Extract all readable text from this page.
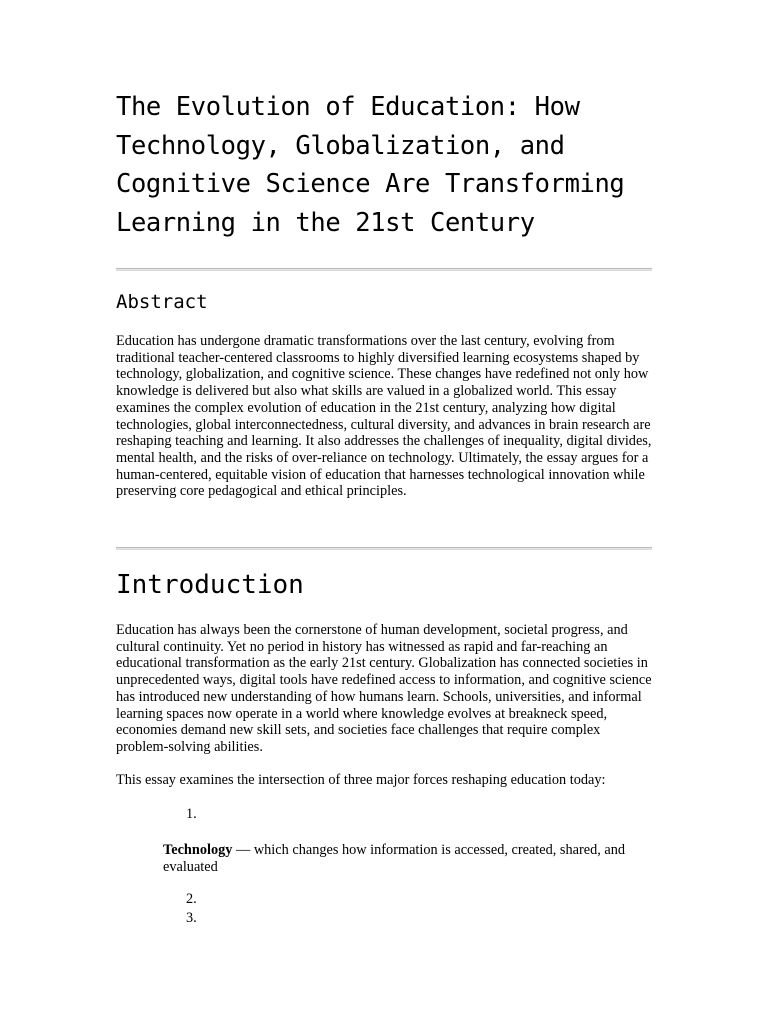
The Evolution of Education: How Technology, Globalization, and Cognitive Science Are Transforming Learning in the 21st Century
Abstract

Education has undergone dramatic transformations over the last century, evolving from traditional teacher-centered classrooms to highly diversified learning ecosystems shaped by technology, globalization, and cognitive science. These changes have redefined not only how knowledge is delivered but also what skills are valued in a globalized world. This essay examines the complex evolution of education in the 21st century, analyzing how digital technologies, global interconnectedness, cultural diversity, and advances in brain research are reshaping teaching and learning. It also addresses the challenges of inequality, digital divides, mental health, and the risks of over-reliance on technology. Ultimately, the essay argues for a human-centered, equitable vision of education that harnesses technological innovation while preserving core pedagogical and ethical principles.

Introduction

Education has always been the cornerstone of human development, societal progress, and cultural continuity. Yet no period in history has witnessed as rapid and far-reaching an educational transformation as the early 21st century. Globalization has connected societies in unprecedented ways, digital tools have redefined access to information, and cognitive science has introduced new understanding of how humans learn. Schools, universities, and informal learning spaces now operate in a world where knowledge evolves at breakneck speed, economies demand new skill sets, and societies face challenges that require complex problem-solving abilities.

This essay examines the intersection of three major forces reshaping education today:

1.

Technology — which changes how information is accessed, created, shared, and evaluated

2.
3.
